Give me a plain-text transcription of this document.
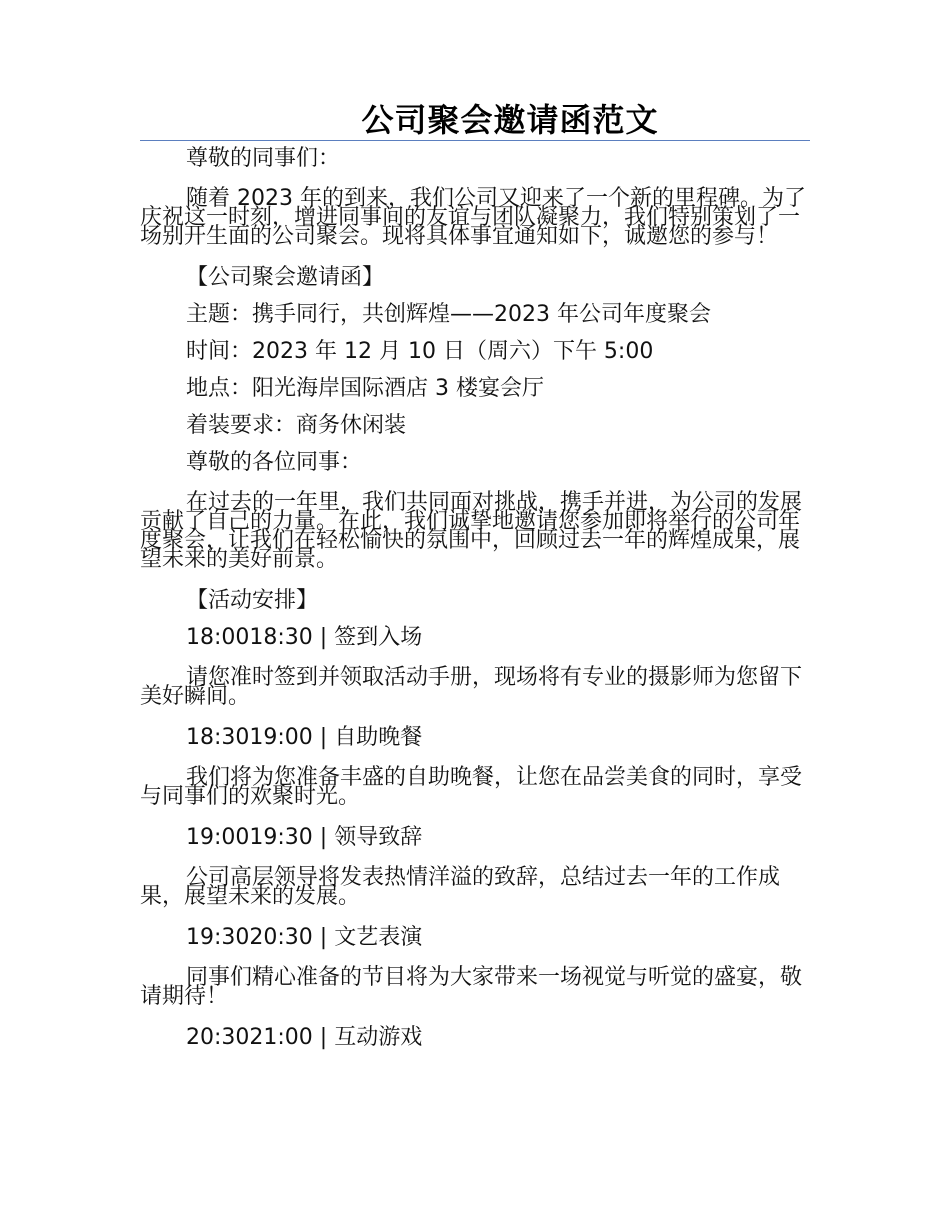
公司聚会邀请函范文

尊敬的同事们：

随着 2023 年的到来，我们公司又迎来了一个新的里程碑。为了庆祝这一时刻，增进同事间的友谊与团队凝聚力，我们特别策划了一场别开生面的公司聚会。现将具体事宜通知如下，诚邀您的参与！

【公司聚会邀请函】

主题：携手同行，共创辉煌——2023 年公司年度聚会

时间：2023 年 12 月 10 日（周六）下午 5:00

地点：阳光海岸国际酒店 3 楼宴会厅

着装要求：商务休闲装

尊敬的各位同事：

在过去的一年里，我们共同面对挑战，携手并进，为公司的发展贡献了自己的力量。在此，我们诚挚地邀请您参加即将举行的公司年度聚会，让我们在轻松愉快的氛围中，回顾过去一年的辉煌成果，展望未来的美好前景。

【活动安排】

18:0018:30 | 签到入场

请您准时签到并领取活动手册，现场将有专业的摄影师为您留下美好瞬间。

18:3019:00 | 自助晚餐

我们将为您准备丰盛的自助晚餐，让您在品尝美食的同时，享受与同事们的欢聚时光。

19:0019:30 | 领导致辞

公司高层领导将发表热情洋溢的致辞，总结过去一年的工作成果，展望未来的发展。

19:3020:30 | 文艺表演

同事们精心准备的节目将为大家带来一场视觉与听觉的盛宴，敬请期待！

20:3021:00 | 互动游戏
